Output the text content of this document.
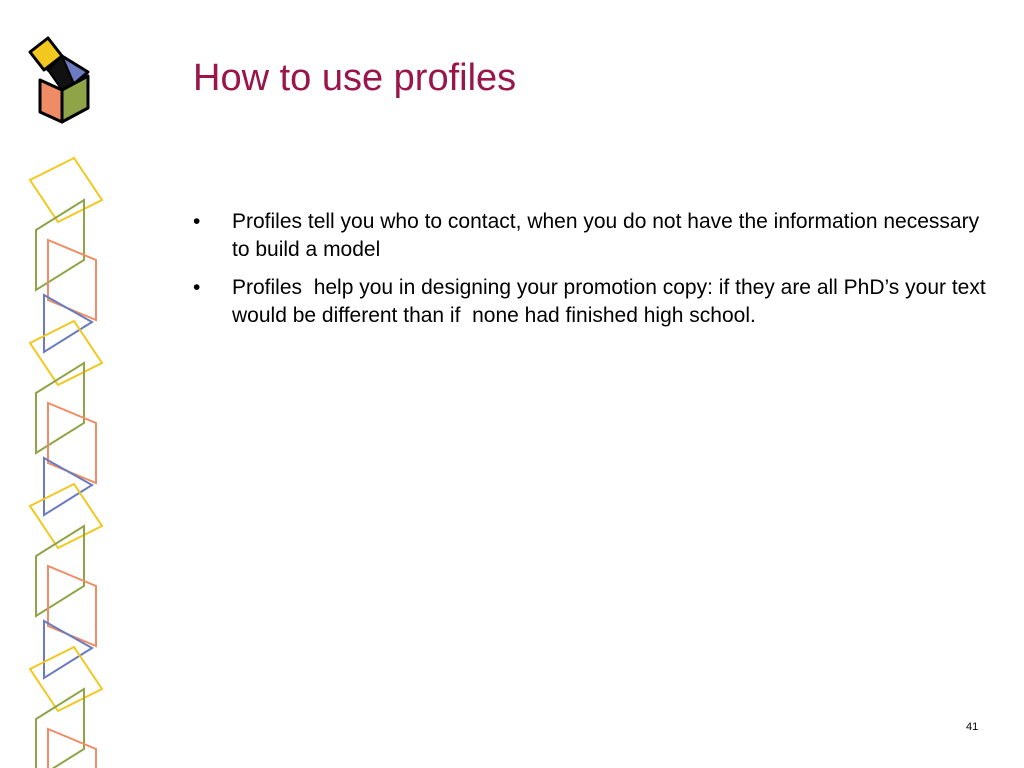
How to use profiles
•	Profiles tell you who to contact, when you do not have the information necessary to build a model
•	Profiles  help you in designing your promotion copy: if they are all PhD’s your text would be different than if  none had finished high school.
41
